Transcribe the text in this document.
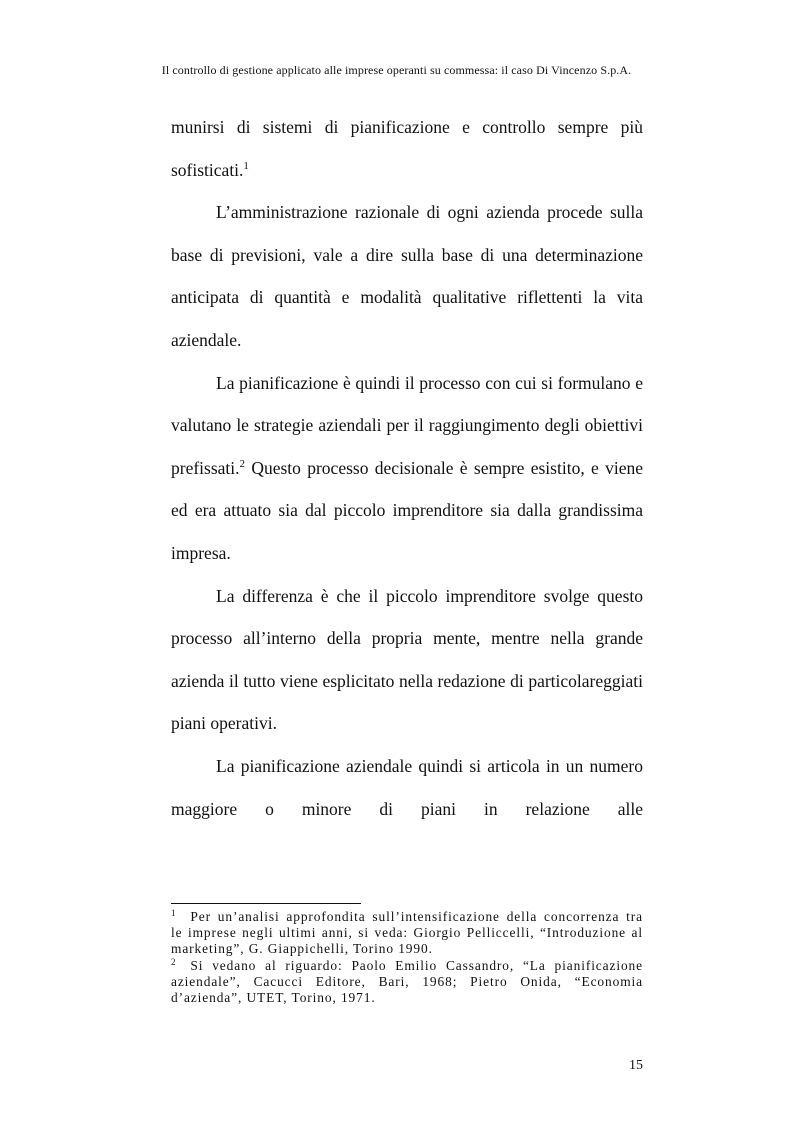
Il controllo di gestione applicato alle imprese operanti su commessa: il caso Di Vincenzo S.p.A.

munirsi di sistemi di pianificazione e controllo sempre più sofisticati.$^1$

L’amministrazione razionale di ogni azienda procede sulla base di previsioni, vale a dire sulla base di una determinazione anticipata di quantità e modalità qualitative riflettenti la vita aziendale.

La pianificazione è quindi il processo con cui si formulano e valutano le strategie aziendali per il raggiungimento degli obiettivi prefissati.$^2$ Questo processo decisionale è sempre esistito, e viene ed era attuato sia dal piccolo imprenditore sia dalla grandissima impresa.

La differenza è che il piccolo imprenditore svolge questo processo all’interno della propria mente, mentre nella grande azienda il tutto viene esplicitato nella redazione di particolareggiati piani operativi.

La pianificazione aziendale quindi si articola in un numero maggiore o minore di piani in relazione alle

$^1$ Per un’analisi approfondita sull’intensificazione della concorrenza tra le imprese negli ultimi anni, si veda: Giorgio Pelliccelli, “Introduzione al marketing”, G. Giappichelli, Torino 1990.

$^2$ Si vedano al riguardo: Paolo Emilio Cassandro, “La pianificazione aziendale”, Cacucci Editore, Bari, 1968; Pietro Onida, “Economia d’azienda”, UTET, Torino, 1971.

15
